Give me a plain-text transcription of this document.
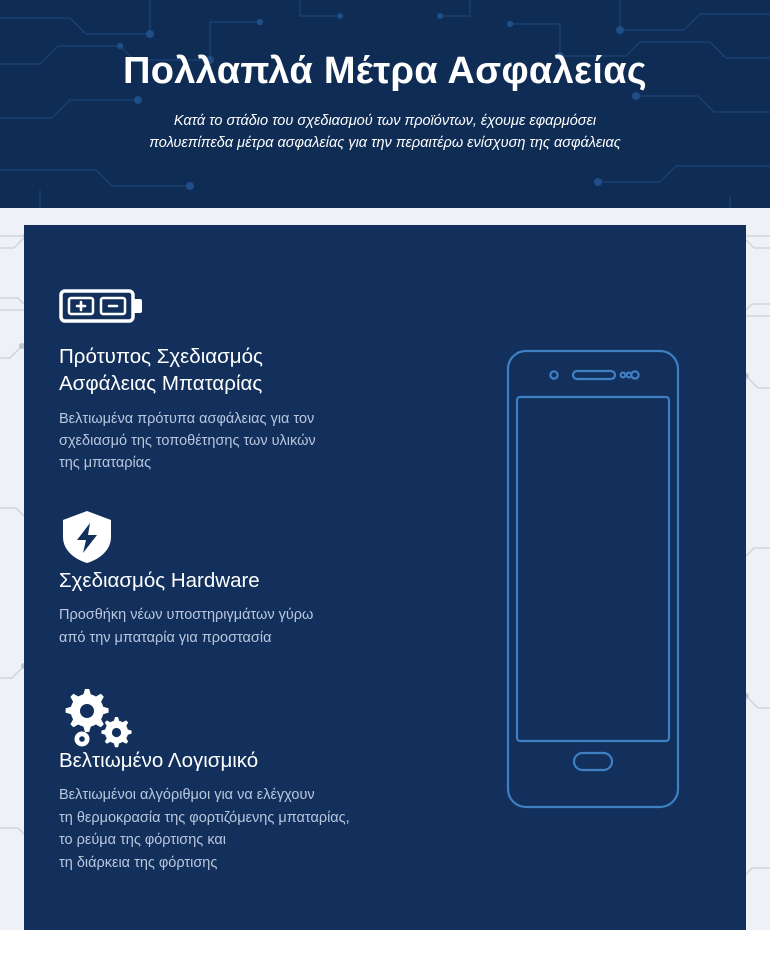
Πολλαπλά Μέτρα Ασφαλείας
Κατά το στάδιο του σχεδιασμού των προϊόντων, έχουμε εφαρμόσει
πολυεπίπεδα μέτρα ασφαλείας για την περαιτέρω ενίσχυση της ασφάλειας
Πρότυπος Σχεδιασμός
Ασφάλειας Μπαταρίας

Βελτιωμένα πρότυπα ασφάλειας για τον
σχεδιασμό της τοποθέτησης των υλικών
της μπαταρίας

Σχεδιασμός Hardware

Προσθήκη νέων υποστηριγμάτων γύρω
από την μπαταρία για προστασία

Βελτιωμένο Λογισμικό

Βελτιωμένοι αλγόριθμοι για να ελέγχουν
τη θερμοκρασία της φορτιζόμενης μπαταρίας,
το ρεύμα της φόρτισης και
τη διάρκεια της φόρτισης
